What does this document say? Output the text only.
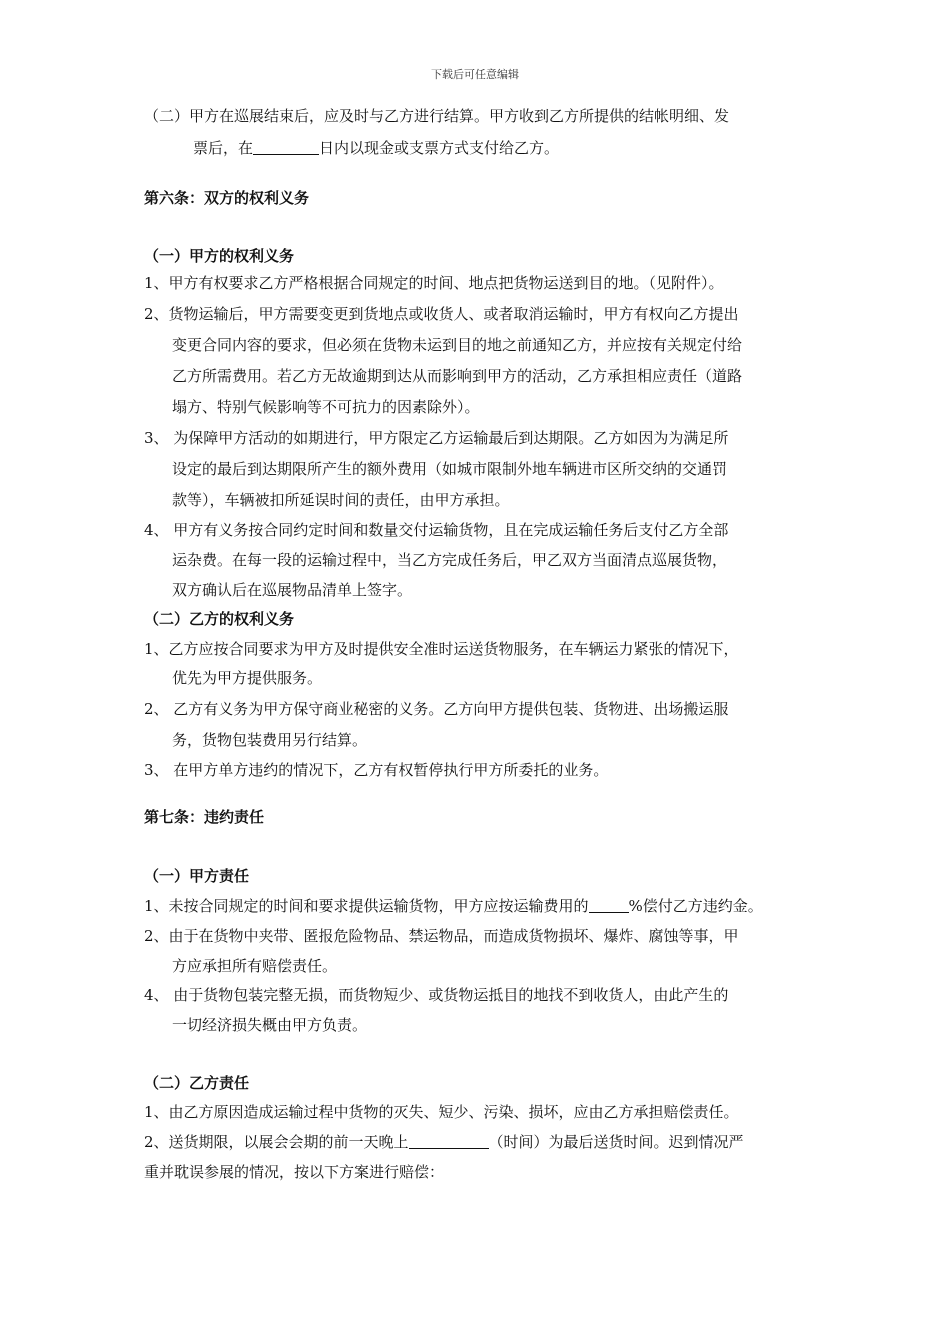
下载后可任意编辑
（二）甲方在巡展结束后，应及时与乙方进行结算。甲方收到乙方所提供的结帐明细、发
票后，在	日内以现金或支票方式支付给乙方。
第六条：双方的权利义务
（一）甲方的权利义务
1、甲方有权要求乙方严格根据合同规定的时间、地点把货物运送到目的地。（见附件）。
2、货物运输后，甲方需要变更到货地点或收货人、或者取消运输时，甲方有权向乙方提出
变更合同内容的要求，但必须在货物未运到目的地之前通知乙方，并应按有关规定付给
乙方所需费用。若乙方无故逾期到达从而影响到甲方的活动，乙方承担相应责任（道路
塌方、特别气候影响等不可抗力的因素除外）。
3、 为保障甲方活动的如期进行，甲方限定乙方运输最后到达期限。乙方如因为为满足所
设定的最后到达期限所产生的额外费用（如城市限制外地车辆进市区所交纳的交通罚
款等），车辆被扣所延误时间的责任，由甲方承担。
4、 甲方有义务按合同约定时间和数量交付运输货物，且在完成运输任务后支付乙方全部
运杂费。在每一段的运输过程中，当乙方完成任务后，甲乙双方当面清点巡展货物，
双方确认后在巡展物品清单上签字。
（二）乙方的权利义务
1、乙方应按合同要求为甲方及时提供安全准时运送货物服务，在车辆运力紧张的情况下，
优先为甲方提供服务。
2、 乙方有义务为甲方保守商业秘密的义务。乙方向甲方提供包装、货物进、出场搬运服
务，货物包装费用另行结算。
3、 在甲方单方违约的情况下，乙方有权暂停执行甲方所委托的业务。
第七条：违约责任
（一）甲方责任
1、未按合同规定的时间和要求提供运输货物，甲方应按运输费用的	%偿付乙方违约金。
2、由于在货物中夹带、匿报危险物品、禁运物品，而造成货物损坏、爆炸、腐蚀等事，甲
方应承担所有赔偿责任。
4、 由于货物包装完整无损，而货物短少、或货物运抵目的地找不到收货人，由此产生的
一切经济损失概由甲方负责。
（二）乙方责任
1、由乙方原因造成运输过程中货物的灭失、短少、污染、损坏，应由乙方承担赔偿责任。
2、送货期限，以展会会期的前一天晚上	（时间）为最后送货时间。迟到情况严
重并耽误参展的情况，按以下方案进行赔偿：
